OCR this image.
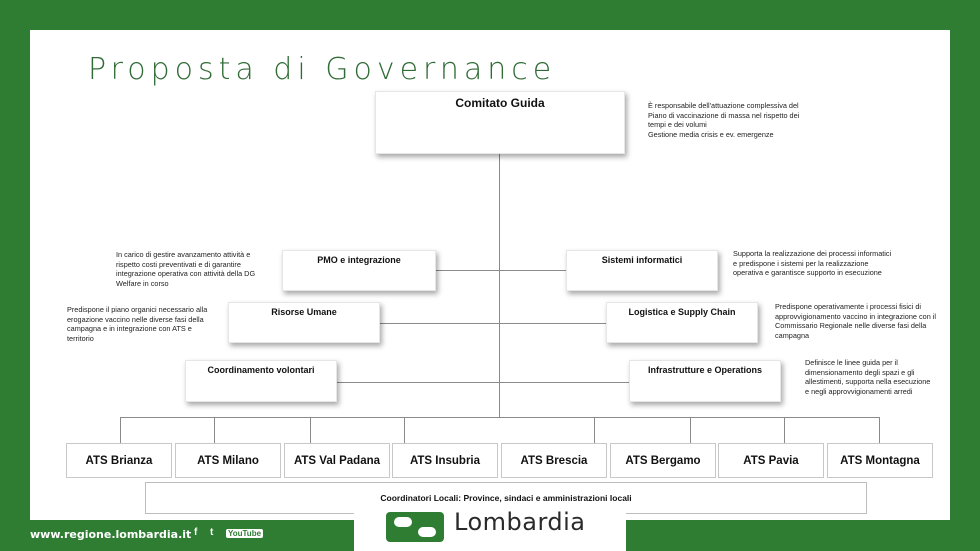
Proposta di Governance
Comitato Guida	È responsabile dell'attuazione complessiva del Piano di vaccinazione di massa nel rispetto dei tempi e dei volumi
Gestione media crisis e ev. emergenze
PMO e integrazione
In carico di gestire avanzamento attività e rispetto costi preventivati e di garantire integrazione operativa con attività della DG Welfare in corso
Risorse Umane
Predispone il piano organici necessario alla erogazione vaccino nelle diverse fasi della campagna e in integrazione con ATS e territorio
Coordinamento volontari
Sistemi informatici
Supporta la realizzazione dei processi informatici e predispone i sistemi per la realizzazione operativa e garantisce supporto in esecuzione
Logistica e Supply Chain
Predispone operativamente i processi fisici di approvvigionamento vaccino in integrazione con il Commissario Regionale nelle diverse fasi della campagna
Infrastrutture e Operations
Definisce le linee guida per il dimensionamento degli spazi e gli allestimenti, supporta nella esecuzione e negli approvvigionamenti arredi
ATS Brianza	ATS Milano	ATS Val Padana	ATS Insubria	ATS Brescia	ATS Bergamo	ATS Pavia	ATS Montagna
Coordinatori Locali: Province, sindaci e amministrazioni locali
www.regione.lombardia.it f t YouTube	Lombardia
